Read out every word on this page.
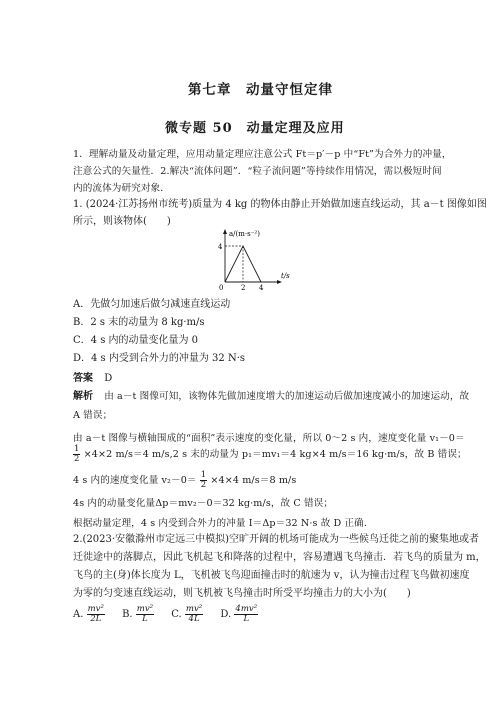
第七章　动量守恒定律
微专题 50　动量定理及应用
1．理解动量及动量定理，应用动量定理应注意公式 Ft＝p′－p 中“Ft”为合外力的冲量，
注意公式的矢量性．2.解决“流体问题”．“粒子流问题”等持续作用情况，需以极短时间
内的流体为研究对象．
1. (2024·江苏扬州市统考)质量为 4 kg 的物体由静止开始做加速直线运动，其 a－t 图像如图
所示，则该物体(　　)
a/(m·s⁻²)
t/s
0
4
2 4
A．先做匀加速后做匀减速直线运动
B．2 s 末的动量为 8 kg·m/s
C．4 s 内的动量变化量为 0
D．4 s 内受到合外力的冲量为 32 N·s
答案 D
解析 由 a－t 图像可知，该物体先做加速度增大的加速运动后做加速度减小的加速运动，故
A 错误；
由 a－t 图像与横轴围成的“面积”表示速度的变化量，所以 0～2 s 内，速度变化量 v₁－0＝
$\frac{1}{2} \times 4\times 2$ m/s＝4 m/s,2 s 末的动量为 p₁＝mv₁＝4 kg×4 m/s＝16 kg·m/s，故 B 错误；
4 s 内的速度变化量 $v_2-0= \frac{1}{2} \times 4\times 4$ m/s＝8 m/s
4s 内的动量变化量Δp＝mv₂－0＝32 kg·m/s，故 C 错误；
根据动量定理，4 s 内受到合外力的冲量 I＝Δp＝32 N·s 故 D 正确．
2.(2023·安徽滁州市定远三中模拟)空旷开阔的机场可能成为一些候鸟迁徙之前的聚集地或者
迁徙途中的落脚点，因此飞机起飞和降落的过程中，容易遭遇飞鸟撞击．若飞鸟的质量为 m，
飞鸟的主(身)体长度为 L，飞机被飞鸟迎面撞击时的航速为 v，认为撞击过程飞鸟做初速度
为零的匀变速直线运动，则飞机被飞鸟撞击时所受平均撞击力的大小为(　　)
A. $\frac{\text{mv²}}{2L} B$. $\frac{\text{mv²}}{L} C$. $\frac{\text{mv²}}{4L} D$. $\frac{\text{4mv²}}{L}$
